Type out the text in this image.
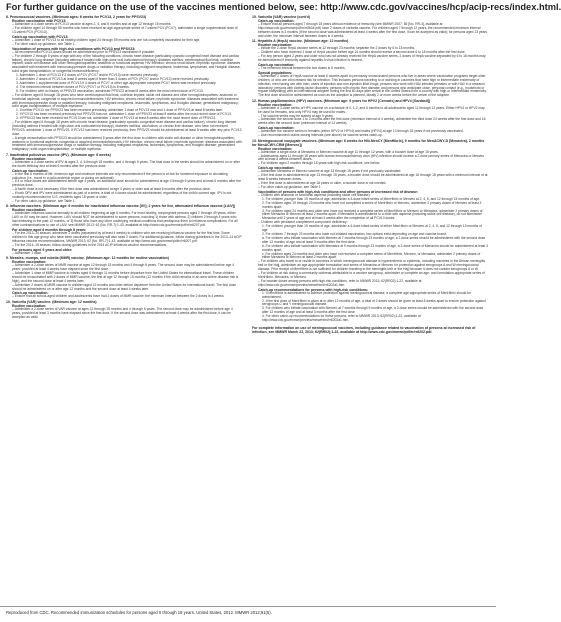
For further guidance on the use of the vaccines mentioned below, see: http://www.cdc.gov/vaccines/hcp/acip-recs/index.html.
6. Pneumococcal vaccines. (Minimum ages: 6 weeks for PCV13, 2 years for PPSV23)
Routine vaccination with PCV13:
– Administer a 4-dose series of PCV13 vaccine at ages 2, 4, and 6 months and at age 12 through 15 months.
– For children aged 14 through 59 months who have received an age-appropriate series of 7-valent PCV (PCV7), administer a single supplemental dose of 13-valent PCV (PCV13).
Catch-up vaccination with PCV13:
– Administer 1 dose of PCV13 to all healthy children aged 24 through 59 months who are not completely vaccinated for their age.
– For other catch-up guidance, see Table 1.
Vaccination of persons with high-risk conditions with PCV13 and PPSV23:
– All recommended PCV13 doses should be administered prior to PPSV23 vaccination if possible.
– For children 2 through 5 years of age with any of the following conditions: chronic heart disease (particularly cyanotic congenital heart disease and cardiac failure); chronic lung disease (including asthma if treated with high-dose oral corticosteroid therapy); diabetes mellitus; cerebrospinal fluid leak; cochlear implant; sickle cell disease and other hemoglobinopathies; anatomic or functional asplenia; HIV infection; chronic renal failure; nephrotic syndrome; diseases associated with treatment with immunosuppressive drugs or radiation therapy, including malignant neoplasms, leukemias, lymphomas, and Hodgkin disease; solid organ transplantation; or congenital immunodeficiency:
1. Administer 1 dose of PCV13 if 3 doses of PCV (PCV7 and/or PCV13) were received previously.
2. Administer 2 doses of PCV13 at least 8 weeks apart if fewer than 3 doses of PCV (PCV7 and/or PCV13) were received previously.
3. Administer 1 supplemental dose of PCV13 if 4 doses of PCV7 or other age-appropriate complete PCV7 series was received previously.
4. The minimum interval between doses of PCV (PCV7 or PCV13) is 8 weeks.
5. For children with no history of PPSV23 vaccination, administer PPSV23 at least 8 weeks after the most recent dose of PCV13.
– For children aged 6 through 18 years who have cerebrospinal fluid leak; cochlear implant; sickle cell disease and other hemoglobinopathies; anatomic or functional asplenia; congenital or acquired immunodeficiencies; HIV infection; chronic renal failure; nephrotic syndrome; diseases associated with treatment with immunosuppressive drugs or radiation therapy, including malignant neoplasms, leukemias, lymphomas, and Hodgkin disease; generalized malignancy; solid organ transplantation; or multiple myeloma:
1. If neither PCV13 nor PPSV23 has been received previously, administer 1 dose of PCV13 now and 1 dose of PPSV23 at least 8 weeks later.
2. If PCV13 has been received previously but PPSV23 has not, administer 1 dose of PPSV23 at least 8 weeks after the most recent dose of PCV13.
3. If PPSV23 has been received but PCV13 has not, administer 1 dose of PCV13 at least 8 weeks after the most recent dose of PPSV23.
– For children aged 6 through 18 years with chronic heart disease (particularly cyanotic congenital heart disease and cardiac failure), chronic lung disease (including asthma if treated with high-dose oral corticosteroid therapy), diabetes mellitus, alcoholism, or chronic liver disease, who have not received PPSV23, administer 1 dose of PPSV23. If PCV13 has been received previously, then PPSV23 should be administered at least 8 weeks after any prior PCV13 dose.
– A single revaccination with PPSV23 should be administered 5 years after the first dose to children with sickle cell disease or other hemoglobinopathies; anatomic or functional asplenia; congenital or acquired immunodeficiencies; HIV infection; chronic renal failure; nephrotic syndrome; diseases associated with treatment with immunosuppressive drugs or radiation therapy, including malignant neoplasms, leukemias, lymphomas, and Hodgkin disease; generalized malignancy; solid organ transplantation; or multiple myeloma.
7. Inactivated poliovirus vaccine (IPV). (Minimum age: 6 weeks)
Routine vaccination:
– Administer a 4-dose series of IPV at ages 2, 4, 6 through 18 months, and 4 through 6 years. The final dose in the series should be administered on or after the fourth birthday and at least 6 months after the previous dose.
Catch-up vaccination:
– In the first 6 months of life, minimum age and minimum intervals are only recommended if the person is at risk for imminent exposure to circulating poliovirus (i.e., travel to a polio-endemic region or during an outbreak).
– If 4 or more doses are administered before age 4 years, an additional dose should be administered at age 4 through 6 years and at least 6 months after the previous dose.
– A fourth dose is not necessary if the third dose was administered at age 4 years or older and at least 6 months after the previous dose.
– If both OPV and IPV were administered as part of a series, a total of 4 doses should be administered, regardless of the child's current age. IPV is not routinely recommended for U.S. residents aged 18 years or older.
– For other catch-up guidance, see Table 1.
8. Influenza vaccines. (Minimum age: 6 months for inactivated influenza vaccine [IIV]; 2 years for live, attenuated influenza vaccine [LAIV])
Routine vaccination:
– Administer influenza vaccine annually to all children beginning at age 6 months. For most healthy, nonpregnant persons aged 2 through 49 years, either LAIV or IIV may be used. However, LAIV should NOT be administered to some persons, including 1) those with asthma, 2) children 2 through 4 years who had wheezing in the past 12 months, or 3) those who have any other underlying medical conditions that predispose them to influenza complications. For all other contraindications to use of LAIV, see MMWR 2013; 62 (No. RR-7):1-43, available at http://www.cdc.gov/mmwr/pdf/rr/rr6207.pdf.
For children aged 6 months through 8 years:
– For the 2013–14 season, administer 2 doses (separated by at least 4 weeks) to children who are receiving influenza vaccine for the first time. Some children in this age group who have been vaccinated previously will also need 2 doses. For additional guidance, follow dosing guidelines in the 2013–14 ACIP influenza vaccine recommendations, MMWR 2013; 62 (No. RR-7):1-43, available at http://www.cdc.gov/mmwr/pdf/rr/rr6207.pdf.
– For the 2014–15 season, follow dosing guidelines in the 2014 ACIP influenza vaccine recommendations.
For persons aged 9 years and older:
– Administer 1 dose.
9. Measles, mumps, and rubella (MMR) vaccine. (Minimum age: 12 months for routine vaccination)
Routine vaccination:
– Administer a 2-dose series of MMR vaccine at ages 12 through 15 months and 4 through 6 years. The second dose may be administered before age 4 years, provided at least 4 weeks have elapsed since the first dose.
– Administer 1 dose of MMR vaccine to infants aged 6 through 11 months before departure from the United States for international travel. These children should be revaccinated with 2 doses of MMR vaccine, the first at age 12 through 15 months (12 months if the child remains in an area where disease risk is high), and the second dose at least 4 weeks later.
– Administer 2 doses of MMR vaccine to children aged 12 months and older before departure from the United States for international travel. The first dose should be administered on or after age 12 months and the second dose at least 4 weeks later.
Catch-up vaccination:
– Ensure that all school-aged children and adolescents have had 2 doses of MMR vaccine; the minimum interval between the 2 doses is 4 weeks.
10. Varicella (VAR) vaccine. (Minimum age: 12 months)
Routine vaccination:
– Administer a 2-dose series of VAR vaccine at ages 12 through 15 months and 4 through 6 years. The second dose may be administered before age 4 years, provided at least 3 months have elapsed since the first dose. If the second dose was administered at least 4 weeks after the first dose, it can be accepted as valid.
10. Varicella (VAR) vaccine (cont'd)
Catch-up vaccination:
– Ensure that all persons aged 7 through 18 years without evidence of immunity (see MMWR 2007; 56 [No. RR-4], available at http://www.cdc.gov/mmwr/pdf/rr/rr5604.pdf) have 2 doses of varicella vaccine. For children aged 7 through 12 years, the recommended minimum interval between doses is 3 months (if the second dose was administered at least 4 weeks after the first dose, it can be accepted as valid); for persons aged 13 years and older, the minimum interval between doses is 4 weeks.
11. Hepatitis A (HepA) vaccine. (Minimum age: 12 months)
Routine vaccination:
– Initiate the 2-dose HepA vaccine series at 12 through 23 months; separate the 2 doses by 6 to 18 months.
– Children who have received 1 dose of HepA vaccine before age 24 months should receive a second dose 6 to 18 months after the first dose.
– For any person aged 2 years and older who has not already received the HepA vaccine series, 2 doses of HepA vaccine separated by 6 to 18 months may be administered if immunity against hepatitis A virus infection is desired.
Catch-up vaccination:
– The minimum interval between the two doses is 6 months.
Special populations:
– Administer 2 doses of HepA vaccine at least 6 months apart to previously unvaccinated persons who live in areas where vaccination programs target older children, or who are at increased risk for infection. This includes persons traveling to or working in countries that have high or intermediate endemicity of infection; men having sex with men; users of injection and non-injection illicit drugs; persons who work with HAV-infected primates or with HAV in a research laboratory; persons with clotting-factor disorders; persons with chronic liver disease; and persons who anticipate close, personal contact (e.g., household or regular babysitting) with an international adoptee during the first 60 days after arrival in the United States from a country with high or intermediate endemicity. The first dose should be administered as soon as the adoption is planned, ideally 2 or more weeks before the arrival of the adoptee.
12. Human papillomavirus (HPV) vaccines. (Minimum age: 9 years for HPV2 [Cervarix] and HPV4 [Gardasil])
Routine vaccination:
– Administer a 3-dose series of HPV vaccine on a schedule of 0, 1-2, and 6 months to all adolescents aged 11 through 12 years. Either HPV4 or HPV2 may be used for females, and only HPV4 may be used for males.
– The vaccine series may be started at age 9 years.
– Administer the second dose 1 to 2 months after the first dose (minimum interval of 4 weeks), administer the third dose 24 weeks after the first dose and 16 weeks after the second dose (minimum interval of 12 weeks).
Catch-up vaccination:
– Administer the vaccine series to females (either HPV2 or HPV4) and males (HPV4) at age 13 through 18 years if not previously vaccinated.
– Use recommended routine dosing intervals (see above) for vaccine series catch-up.
13. Meningococcal conjugate vaccines. (Minimum age: 6 weeks for Hib-MenCY [MenHibrix], 9 months for MenACWY-D [Menactra], 2 months for MenACWY-CRM [Menveo])
Routine vaccination:
– Administer a single dose of Menactra or Menveo vaccine at age 11 through 12 years, with a booster dose at age 16 years.
– Adolescents aged 11 through 18 years with human immunodeficiency virus (HIV) infection should receive a 2-dose primary series of Menactra or Menveo with at least 8 weeks between doses.
– For children aged 2 months through 18 years with high-risk conditions, see below.
Catch-up vaccination:
– Administer Menactra or Menveo vaccine at age 13 through 18 years if not previously vaccinated.
– If the first dose is administered at age 13 through 15 years, a booster dose should be administered at age 16 through 18 years with a minimum interval of at least 8 weeks between doses.
– If the first dose is administered at age 16 years or older, a booster dose is not needed.
– For other catch-up guidance, see Table 1.
Vaccination of persons with high-risk conditions and other persons at increased risk of disease:
– Children with anatomic or functional asplenia (including sickle cell disease):
1. For children younger than 19 months of age, administer a 4-dose infant series of MenHibrix or Menveo at 2, 4, 6, and 12 through 15 months of age.
2. For children aged 19 through 23 months who have not completed a series of MenHibrix or Menveo, administer 2 primary doses of Menveo at least 3 months apart.
3. For children aged 24 months and older who have not received a complete series of MenHibrix or Menveo or Menactra, administer 2 primary doses of either Menactra or Menveo at least 2 months apart. If Menactra is administered to a child with asplenia (including sickle cell disease), do not administer Menactra until 2 years of age and at least 4 weeks after the completion of all PCV13 doses.
– Children with persistent complement component deficiency:
1. For children younger than 19 months of age, administer a 4-dose infant series of either MenHibrix or Menveo at 2, 4, 6, and 12 through 15 months of age.
2. For children 7 through 23 months who have not initiated vaccination, two options exist depending on age and vaccine brand:
a. For children who initiate vaccination with Menveo at 7 months through 23 months of age, a 2-dose series should be administered with the second dose after 12 months of age and at least 3 months after the first dose.
b. For children who initiate vaccination with Menactra at 9 months through 23 months of age, a 2-dose series of Menactra should be administered at least 3 months apart.
c. For children aged 24 months and older who have not received a complete series of MenHibrix, Menveo, or Menactra, administer 2 primary doses of either Menactra or Menveo at least 2 months apart.
– For children who travel to or reside in countries in which meningococcal disease is hyperendemic or epidemic, including countries in the African meningitis belt or the Hajj, administer an age-appropriate formulation and series of Menactra or Menveo for protection against serogroups A and W meningococcal disease. Prior receipt of MenHibrix is not sufficient for children traveling to the meningitis belt or the Hajj because it does not contain serogroups A or W.
– For children at risk during a community outbreak attributable to a vaccine serogroup, administer or complete an age- and formulation-appropriate series of MenHibrix, Menactra, or Menveo.
– For booster doses among persons with high-risk conditions, refer to MMWR 2013; 62(RR02);1-22, available at http://www.cdc.gov/mmwr/preview/mmwrhtml/rr6202a1.htm.
Catch-up recommendations for persons with high-risk conditions:
1. If MenHibrix is administered to achieve protection against meningococcal disease, a complete age-appropriate series of MenHibrix should be administered.
2. If the first dose of MenHibrix is given at or after 12 months of age, a total of 2 doses should be given at least 8 weeks apart to ensure protection against serogroups C and Y meningococcal disease.
3. For children who initiate vaccination with Menveo at 7 months through 9 months of age, a 2-dose series should be administered with the second dose after 12 months of age and at least 3 months after the first dose.
4. For other catch-up recommendations for these persons, refer to MMWR 2013; 62(RR02);1-22, available at http://www.cdc.gov/mmwr/preview/mmwrhtml/rr6202a1.htm.
For complete information on use of meningococcal vaccines, including guidance related to vaccination of persons at increased risk of infection, see MMWR March 22, 2013; 62(RR02);1-22, available at http://www.cdc.gov/mmwr/pdf/rr/rr6202.pdf.
Reproduced from CDC. Recommended immunization schedules for persons aged 0 through 18 years, United States, 2012. MMWR 2012;61(5).
